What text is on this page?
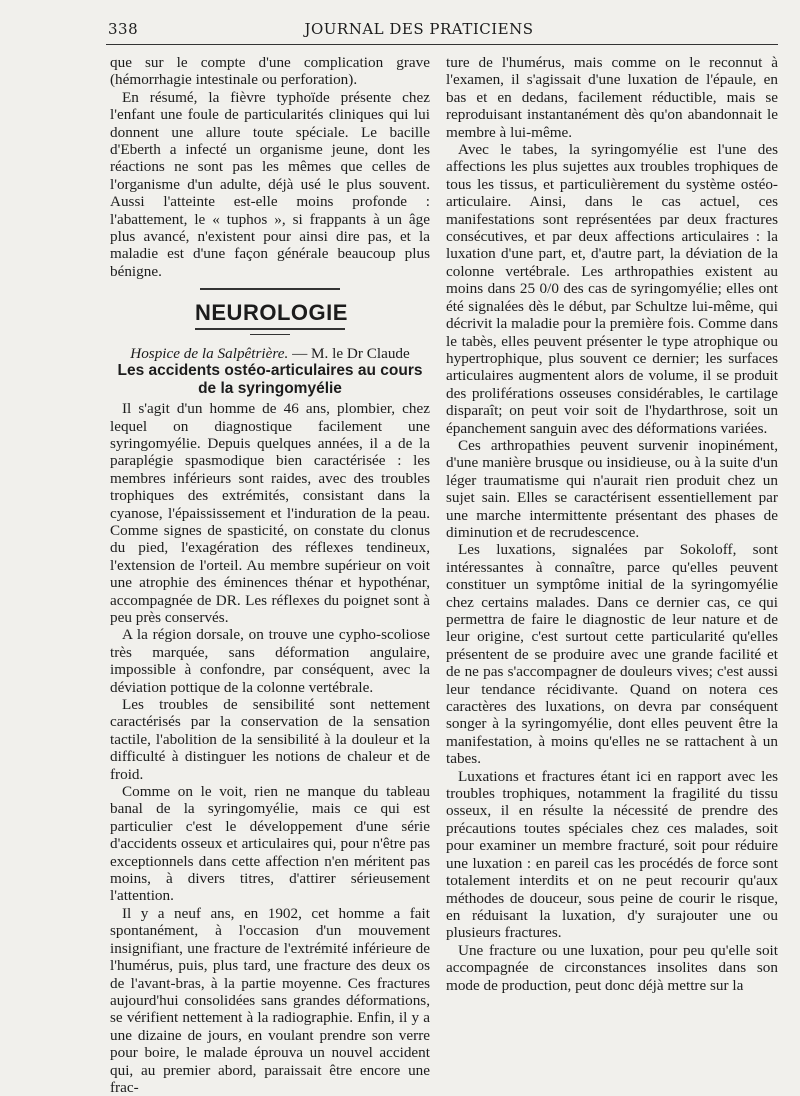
338	JOURNAL DES PRATICIENS

que sur le compte d'une complication grave (hémorrhagie intestinale ou perforation).

En résumé, la fièvre typhoïde présente chez l'enfant une foule de particularités cliniques qui lui donnent une allure toute spéciale. Le bacille d'Eberth a infecté un organisme jeune, dont les réactions ne sont pas les mêmes que celles de l'organisme d'un adulte, déjà usé le plus souvent. Aussi l'atteinte est-elle moins profonde : l'abattement, le « tuphos », si frappants à un âge plus avancé, n'existent pour ainsi dire pas, et la maladie est d'une façon générale beaucoup plus bénigne.

NEUROLOGIE

Hospice de la Salpêtrière. — M. le Dr Claude

Les accidents ostéo-articulaires au cours de la syringomyélie

Il s'agit d'un homme de 46 ans, plombier, chez lequel on diagnostique facilement une syringomyélie. Depuis quelques années, il a de la paraplégie spasmodique bien caractérisée : les membres inférieurs sont raides, avec des troubles trophiques des extrémités, consistant dans la cyanose, l'épaississement et l'induration de la peau. Comme signes de spasticité, on constate du clonus du pied, l'exagération des réflexes tendineux, l'extension de l'orteil. Au membre supérieur on voit une atrophie des éminences thénar et hypothénar, accompagnée de DR. Les réflexes du poignet sont à peu près conservés.

A la région dorsale, on trouve une cypho-scoliose très marquée, sans déformation angulaire, impossible à confondre, par conséquent, avec la déviation pottique de la colonne vertébrale.

Les troubles de sensibilité sont nettement caractérisés par la conservation de la sensation tactile, l'abolition de la sensibilité à la douleur et la difficulté à distinguer les notions de chaleur et de froid.

Comme on le voit, rien ne manque du tableau banal de la syringomyélie, mais ce qui est particulier c'est le développement d'une série d'accidents osseux et articulaires qui, pour n'être pas exceptionnels dans cette affection n'en méritent pas moins, à divers titres, d'attirer sérieusement l'attention.

Il y a neuf ans, en 1902, cet homme a fait spontanément, à l'occasion d'un mouvement insignifiant, une fracture de l'extrémité inférieure de l'humérus, puis, plus tard, une fracture des deux os de l'avant-bras, à la partie moyenne. Ces fractures aujourd'hui consolidées sans grandes déformations, se vérifient nettement à la radiographie. Enfin, il y a une dizaine de jours, en voulant prendre son verre pour boire, le malade éprouva un nouvel accident qui, au premier abord, paraissait être encore une frac-

ture de l'humérus, mais comme on le reconnut à l'examen, il s'agissait d'une luxation de l'épaule, en bas et en dedans, facilement réductible, mais se reproduisant instantanément dès qu'on abandonnait le membre à lui-même.

Avec le tabes, la syringomyélie est l'une des affections les plus sujettes aux troubles trophiques de tous les tissus, et particulièrement du système ostéo-articulaire. Ainsi, dans le cas actuel, ces manifestations sont représentées par deux fractures consécutives, et par deux affections articulaires : la luxation d'une part, et, d'autre part, la déviation de la colonne vertébrale. Les arthropathies existent au moins dans 25 0/0 des cas de syringomyélie; elles ont été signalées dès le début, par Schultze lui-même, qui décrivit la maladie pour la première fois. Comme dans le tabès, elles peuvent présenter le type atrophique ou hypertrophique, plus souvent ce dernier; les surfaces articulaires augmentent alors de volume, il se produit des proliférations osseuses considérables, le cartilage disparaît; on peut voir soit de l'hydarthrose, soit un épanchement sanguin avec des déformations variées.

Ces arthropathies peuvent survenir inopinément, d'une manière brusque ou insidieuse, ou à la suite d'un léger traumatisme qui n'aurait rien produit chez un sujet sain. Elles se caractérisent essentiellement par une marche intermittente présentant des phases de diminution et de recrudescence.

Les luxations, signalées par Sokoloff, sont intéressantes à connaître, parce qu'elles peuvent constituer un symptôme initial de la syringomyélie chez certains malades. Dans ce dernier cas, ce qui permettra de faire le diagnostic de leur nature et de leur origine, c'est surtout cette particularité qu'elles présentent de se produire avec une grande facilité et de ne pas s'accompagner de douleurs vives; c'est aussi leur tendance récidivante. Quand on notera ces caractères des luxations, on devra par conséquent songer à la syringomyélie, dont elles peuvent être la manifestation, à moins qu'elles ne se rattachent à un tabes.

Luxations et fractures étant ici en rapport avec les troubles trophiques, notamment la fragilité du tissu osseux, il en résulte la nécessité de prendre des précautions toutes spéciales chez ces malades, soit pour examiner un membre fracturé, soit pour réduire une luxation : en pareil cas les procédés de force sont totalement interdits et on ne peut recourir qu'aux méthodes de douceur, sous peine de courir le risque, en réduisant la luxation, d'y surajouter une ou plusieurs fractures.

Une fracture ou une luxation, pour peu qu'elle soit accompagnée de circonstances insolites dans son mode de production, peut donc déjà mettre sur la
